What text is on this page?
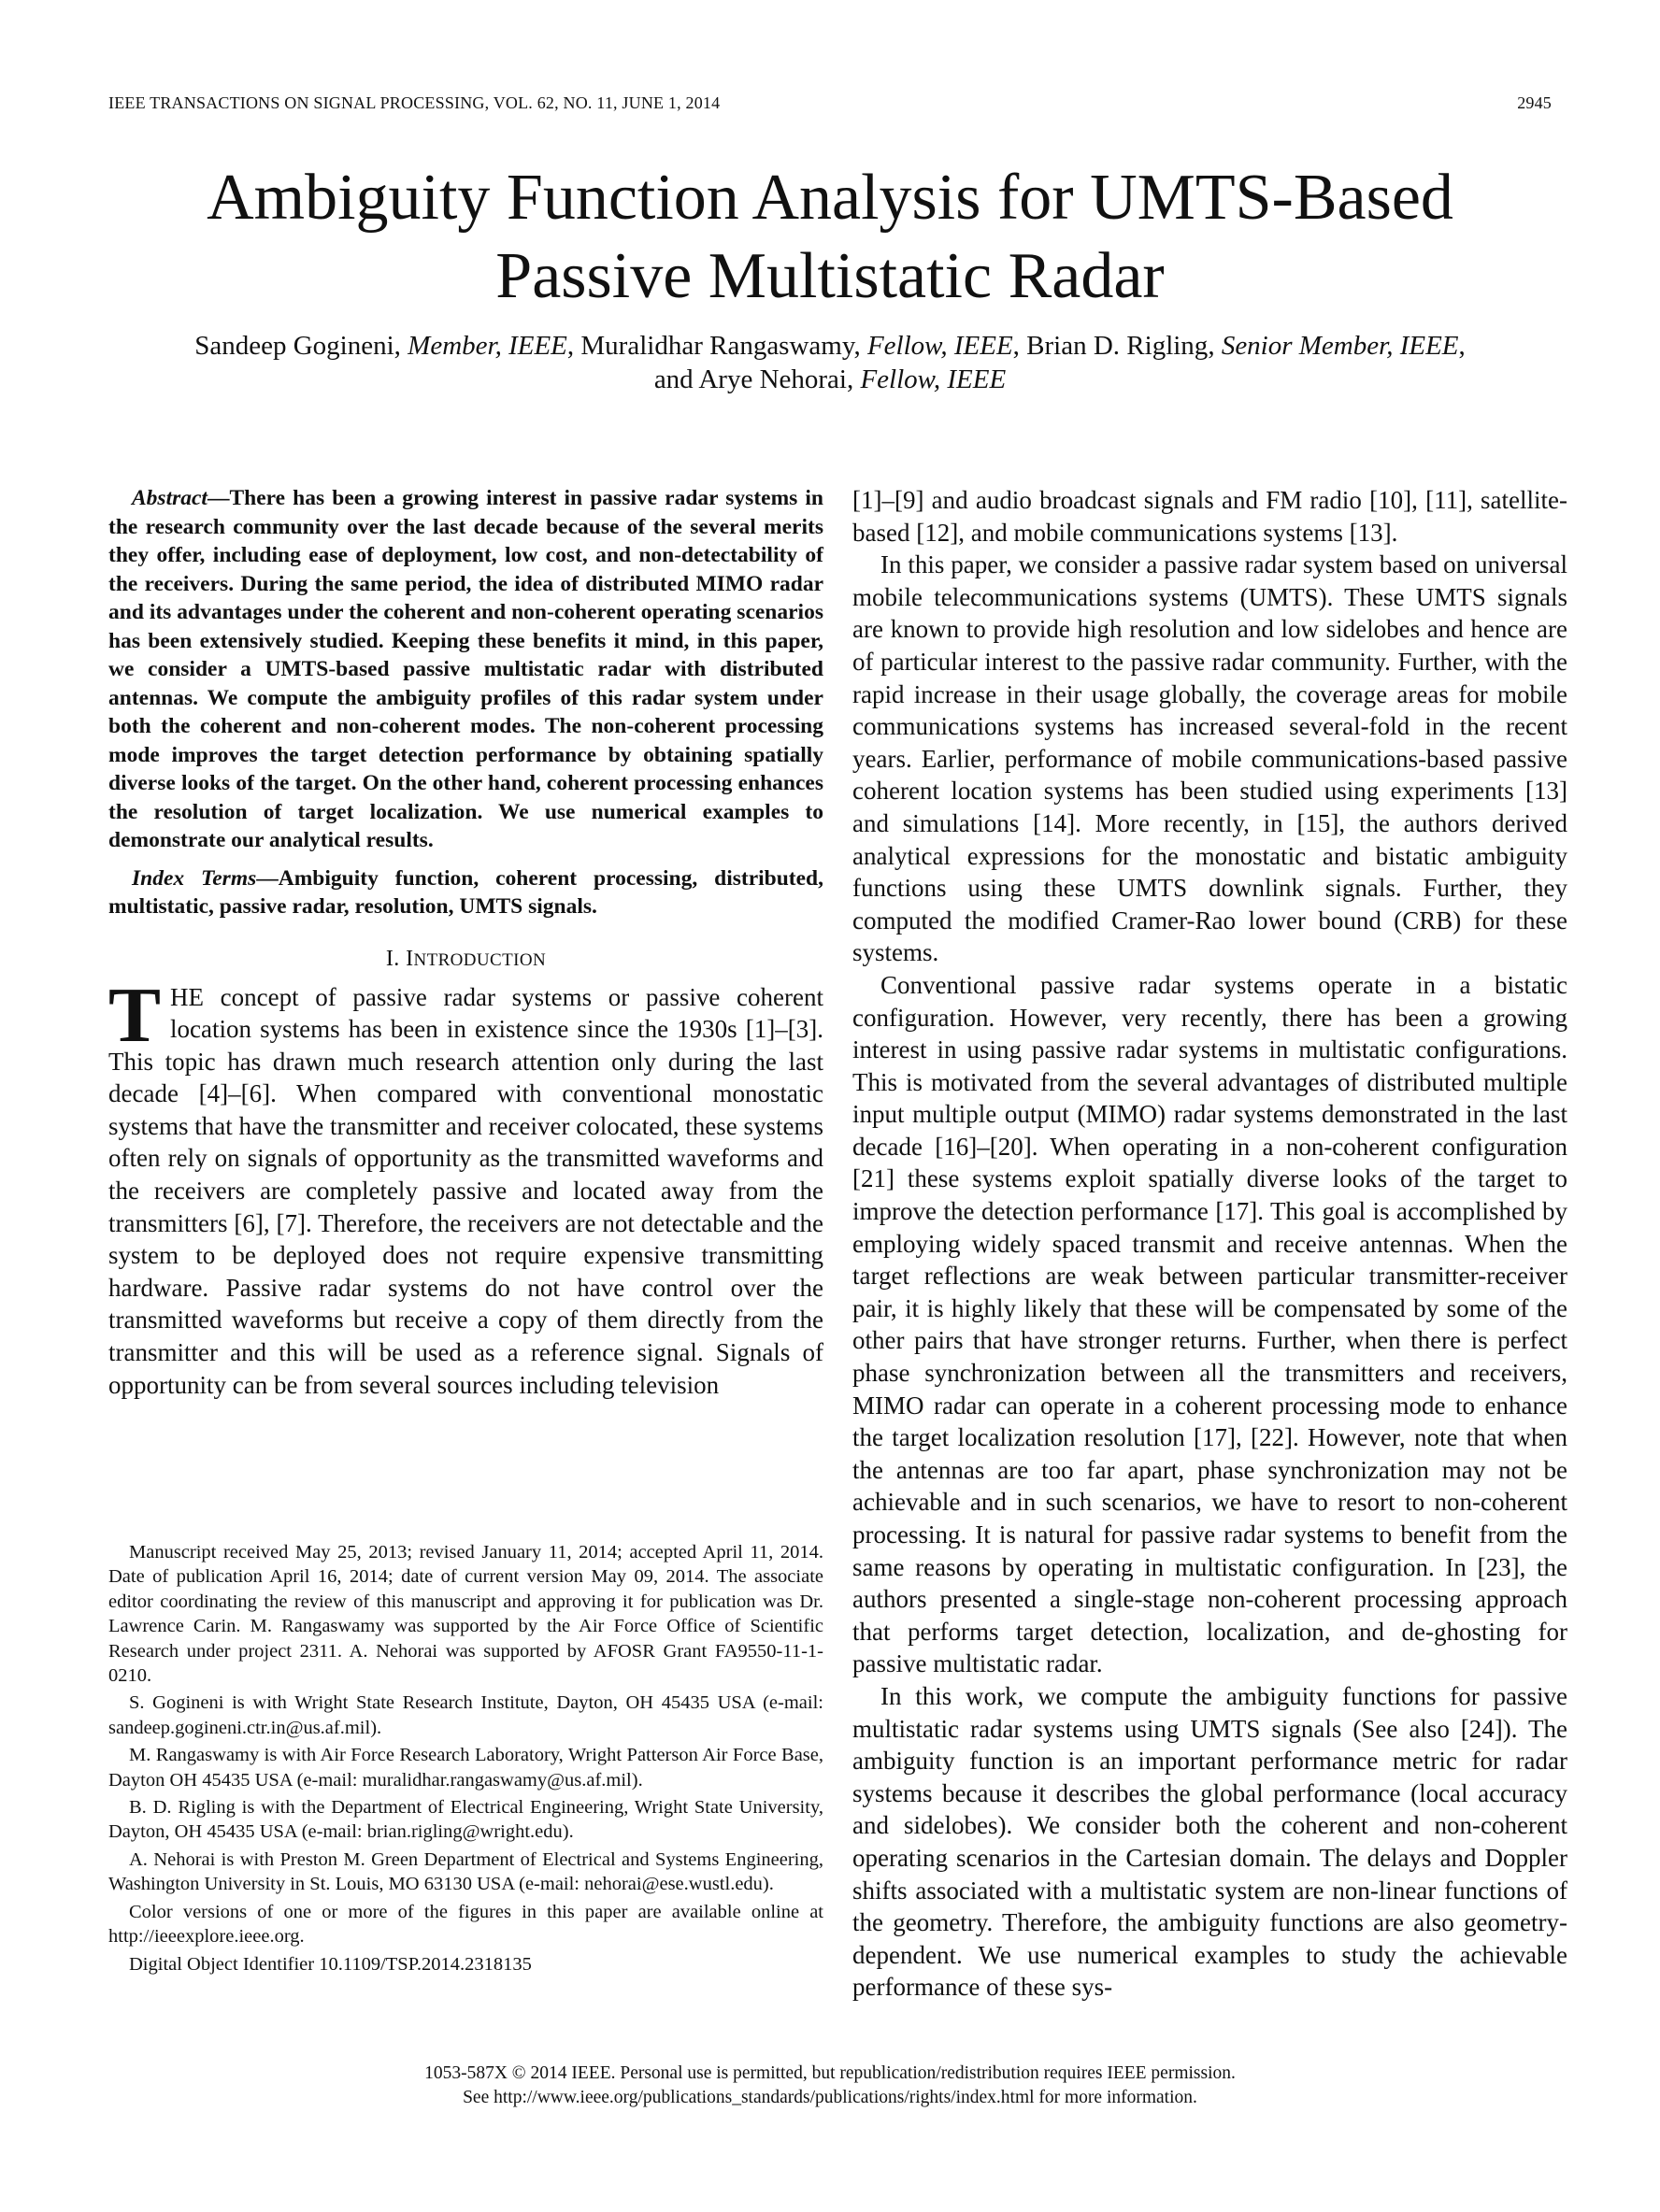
IEEE TRANSACTIONS ON SIGNAL PROCESSING, VOL. 62, NO. 11, JUNE 1, 2014	2945
Ambiguity Function Analysis for UMTS-Based
Passive Multistatic Radar
Sandeep Gogineni, Member, IEEE, Muralidhar Rangaswamy, Fellow, IEEE, Brian D. Rigling, Senior Member, IEEE,
and Arye Nehorai, Fellow, IEEE

Abstract—There has been a growing interest in passive radar systems in the research community over the last decade because of the several merits they offer, including ease of deployment, low cost, and non-detectability of the receivers. During the same period, the idea of distributed MIMO radar and its advantages under the coherent and non-coherent operating scenarios has been extensively studied. Keeping these benefits it mind, in this paper, we consider a UMTS-based passive multistatic radar with distributed antennas. We compute the ambiguity profiles of this radar system under both the coherent and non-coherent modes. The non-coherent processing mode improves the target detection performance by obtaining spatially diverse looks of the target. On the other hand, coherent processing enhances the resolution of target localization. We use numerical examples to demonstrate our analytical results.

Index Terms—Ambiguity function, coherent processing, distributed, multistatic, passive radar, resolution, UMTS signals.

I. INTRODUCTION

THE concept of passive radar systems or passive coherent location systems has been in existence since the 1930s [1]–[3]. This topic has drawn much research attention only during the last decade [4]–[6]. When compared with conventional monostatic systems that have the transmitter and receiver colocated, these systems often rely on signals of opportunity as the transmitted waveforms and the receivers are completely passive and located away from the transmitters [6], [7]. Therefore, the receivers are not detectable and the system to be deployed does not require expensive transmitting hardware. Passive radar systems do not have control over the transmitted waveforms but receive a copy of them directly from the transmitter and this will be used as a reference signal. Signals of opportunity can be from several sources including television

Manuscript received May 25, 2013; revised January 11, 2014; accepted April 11, 2014. Date of publication April 16, 2014; date of current version May 09, 2014. The associate editor coordinating the review of this manuscript and approving it for publication was Dr. Lawrence Carin. M. Rangaswamy was supported by the Air Force Office of Scientific Research under project 2311. A. Nehorai was supported by AFOSR Grant FA9550-11-1-0210.

S. Gogineni is with Wright State Research Institute, Dayton, OH 45435 USA (e-mail: sandeep.gogineni.ctr.in@us.af.mil).

M. Rangaswamy is with Air Force Research Laboratory, Wright Patterson Air Force Base, Dayton OH 45435 USA (e-mail: muralidhar.rangaswamy@us.af.mil).

B. D. Rigling is with the Department of Electrical Engineering, Wright State University, Dayton, OH 45435 USA (e-mail: brian.rigling@wright.edu).

A. Nehorai is with Preston M. Green Department of Electrical and Systems Engineering, Washington University in St. Louis, MO 63130 USA (e-mail: nehorai@ese.wustl.edu).

Color versions of one or more of the figures in this paper are available online at http://ieeexplore.ieee.org.

Digital Object Identifier 10.1109/TSP.2014.2318135

[1]–[9] and audio broadcast signals and FM radio [10], [11], satellite-based [12], and mobile communications systems [13].

In this paper, we consider a passive radar system based on universal mobile telecommunications systems (UMTS). These UMTS signals are known to provide high resolution and low sidelobes and hence are of particular interest to the passive radar community. Further, with the rapid increase in their usage globally, the coverage areas for mobile communications systems has increased several-fold in the recent years. Earlier, performance of mobile communications-based passive coherent location systems has been studied using experiments [13] and simulations [14]. More recently, in [15], the authors derived analytical expressions for the monostatic and bistatic ambiguity functions using these UMTS downlink signals. Further, they computed the modified Cramer-Rao lower bound (CRB) for these systems.

Conventional passive radar systems operate in a bistatic configuration. However, very recently, there has been a growing interest in using passive radar systems in multistatic configurations. This is motivated from the several advantages of distributed multiple input multiple output (MIMO) radar systems demonstrated in the last decade [16]–[20]. When operating in a non-coherent configuration [21] these systems exploit spatially diverse looks of the target to improve the detection performance [17]. This goal is accomplished by employing widely spaced transmit and receive antennas. When the target reflections are weak between particular transmitter-receiver pair, it is highly likely that these will be compensated by some of the other pairs that have stronger returns. Further, when there is perfect phase synchronization between all the transmitters and receivers, MIMO radar can operate in a coherent processing mode to enhance the target localization resolution [17], [22]. However, note that when the antennas are too far apart, phase synchronization may not be achievable and in such scenarios, we have to resort to non-coherent processing. It is natural for passive radar systems to benefit from the same reasons by operating in multistatic configuration. In [23], the authors presented a single-stage non-coherent processing approach that performs target detection, localization, and de-ghosting for passive multistatic radar.

In this work, we compute the ambiguity functions for passive multistatic radar systems using UMTS signals (See also [24]). The ambiguity function is an important performance metric for radar systems because it describes the global performance (local accuracy and sidelobes). We consider both the coherent and non-coherent operating scenarios in the Cartesian domain. The delays and Doppler shifts associated with a multistatic system are non-linear functions of the geometry. Therefore, the ambiguity functions are also geometry-dependent. We use numerical examples to study the achievable performance of these sys-

1053-587X © 2014 IEEE. Personal use is permitted, but republication/redistribution requires IEEE permission.
See http://www.ieee.org/publications_standards/publications/rights/index.html for more information.
